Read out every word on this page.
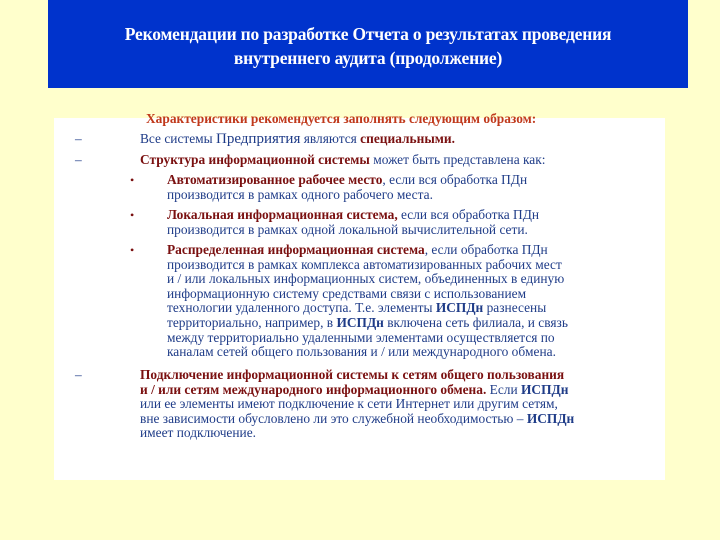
Рекомендации по разработке Отчета о результатах проведения
внутреннего аудита (продолжение)
Характеристики рекомендуется заполнять следующим образом:
–	Все системы Предприятия являются специальными.
–	Структура информационной системы может быть представлена как:
• Автоматизированное рабочее место, если вся обработка ПДн
производится в рамках одного рабочего места.
• Локальная информационная система, если вся обработка ПДн
производится в рамках одной локальной вычислительной сети.
• Распределенная информационная система, если обработка ПДн
производится в рамках комплекса автоматизированных рабочих мест
и / или локальных информационных систем, объединенных в единую
информационную систему средствами связи с использованием
технологии удаленного доступа. Т.е. элементы ИСПДн разнесены
территориально, например, в ИСПДн включена сеть филиала, и связь
между территориально удаленными элементами осуществляется по
каналам сетей общего пользования и / или международного обмена.
–	Подключение информационной системы к сетям общего пользования
и / или сетям международного информационного обмена. Если ИСПДн
или ее элементы имеют подключение к сети Интернет или другим сетям,
вне зависимости обусловлено ли это служебной необходимостью – ИСПДн
имеет подключение.
